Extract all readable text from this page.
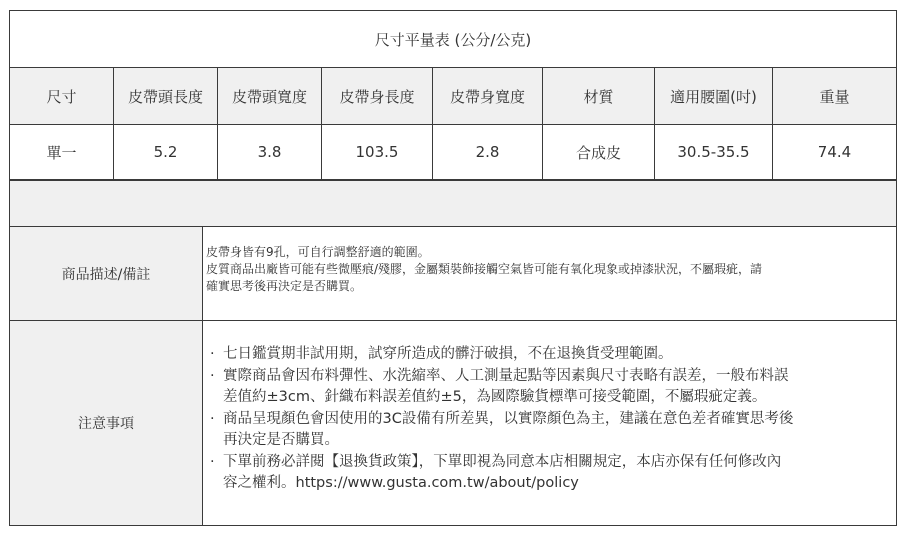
尺寸平量表 (公分/公克)
尺寸	皮帶頭長度	皮帶頭寬度	皮帶身長度	皮帶身寬度	材質	適用腰圍(吋)	重量
單一	5.2	3.8	103.5	2.8	合成皮	30.5-35.5	74.4
商品描述/備註
皮帶身皆有9孔，可自行調整舒適的範圍。
皮質商品出廠皆可能有些微壓痕/殘膠，金屬類裝飾接觸空氣皆可能有氧化現象或掉漆狀況，不屬瑕疵，請
確實思考後再決定是否購買。
注意事項
· 七日鑑賞期非試用期，試穿所造成的髒汙破損，不在退換貨受理範圍。
· 實際商品會因布料彈性、水洗縮率、人工測量起點等因素與尺寸表略有誤差，一般布料誤
差值約±3cm、針織布料誤差值約±5，為國際驗貨標準可接受範圍，不屬瑕疵定義。
· 商品呈現顏色會因使用的3C設備有所差異，以實際顏色為主，建議在意色差者確實思考後
再決定是否購買。
· 下單前務必詳閱【退換貨政策】，下單即視為同意本店相關規定，本店亦保有任何修改內
容之權利。https://www.gusta.com.tw/about/policy
